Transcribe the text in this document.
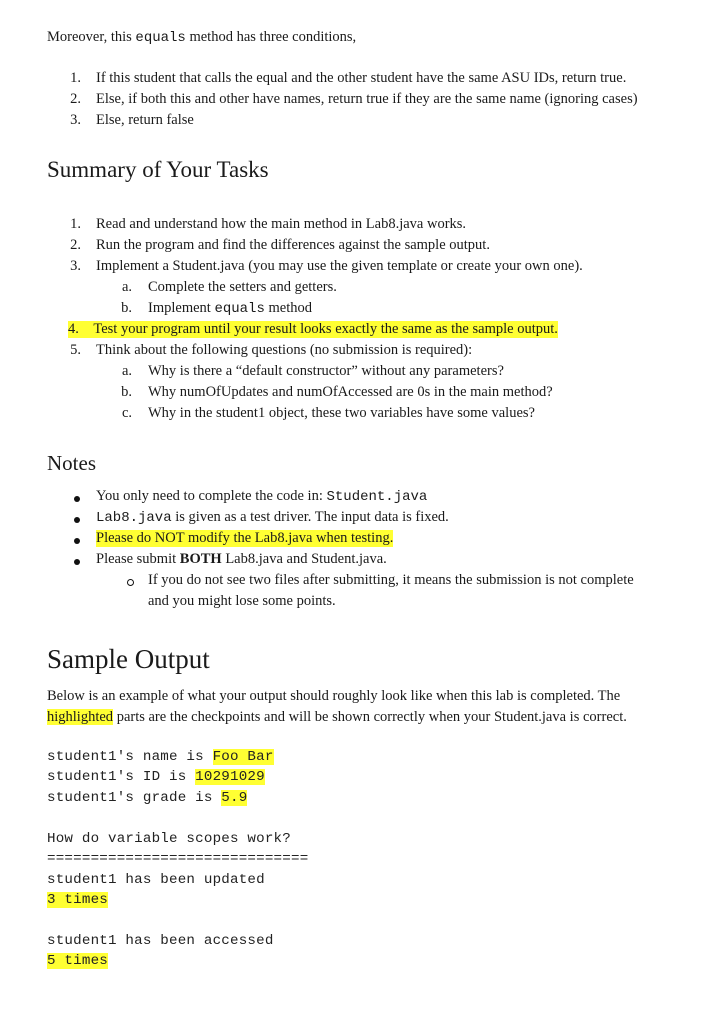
Moreover, this equals method has three conditions,
1. If this student that calls the equal and the other student have the same ASU IDs, return true.
2. Else, if both this and other have names, return true if they are the same name (ignoring cases)
3. Else, return false
Summary of Your Tasks
1. Read and understand how the main method in Lab8.java works.
2. Run the program and find the differences against the sample output.
3. Implement a Student.java (you may use the given template or create your own one).
a. Complete the setters and getters.
b. Implement equals method
4. Test your program until your result looks exactly the same as the sample output.
5. Think about the following questions (no submission is required):
a. Why is there a “default constructor” without any parameters?
b. Why numOfUpdates and numOfAccessed are 0s in the main method?
c. Why in the student1 object, these two variables have some values?
Notes
You only need to complete the code in: Student.java
Lab8.java is given as a test driver. The input data is fixed.
Please do NOT modify the Lab8.java when testing.
Please submit BOTH Lab8.java and Student.java.
If you do not see two files after submitting, it means the submission is not complete
and you might lose some points.
Sample Output
Below is an example of what your output should roughly look like when this lab is completed. The
highlighted parts are the checkpoints and will be shown correctly when your Student.java is correct.
student1's name is Foo Bar
student1's ID is 10291029
student1's grade is 5.9
How do variable scopes work?
==============================
student1 has been updated
3 times
student1 has been accessed
5 times
